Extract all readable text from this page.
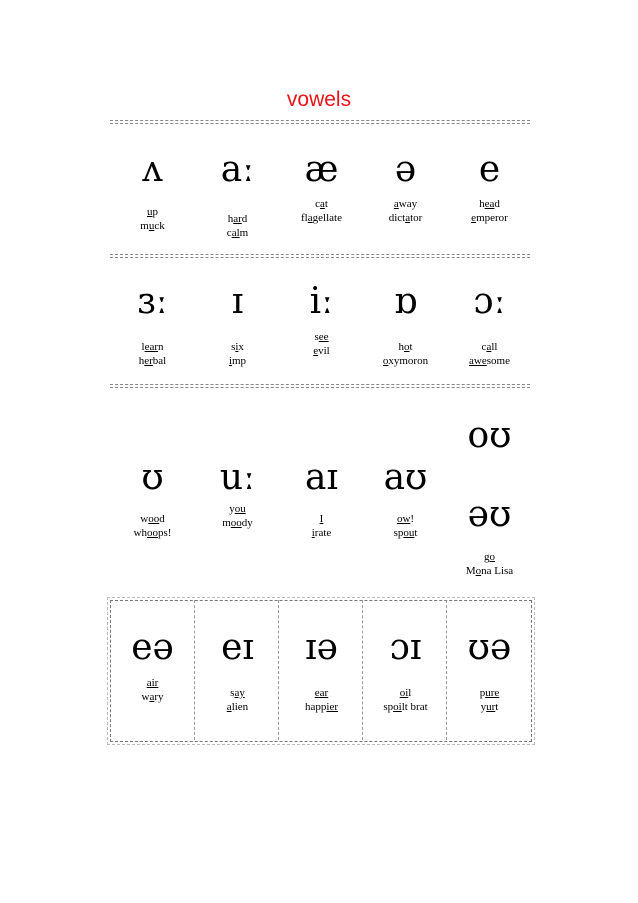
vowels
ʌ
up
muck
aː
hard
calm
æ
cat
flagellate
ə
away
dictator
e
head
emperor
ɜː
learn
herbal
ɪ
six
imp
iː
see
evil
ɒ
hot
oxymoron
ɔː
call
awesome
ʊ
wood
whoops!
uː
you
moody
aɪ
I
irate
aʊ
ow!
spout
oʊ
əʊ
go
Mona Lisa
eə
air
wary
eɪ
say
alien
ɪə
ear
happier
ɔɪ
oil
spoilt brat
ʊə
pure
yurt
